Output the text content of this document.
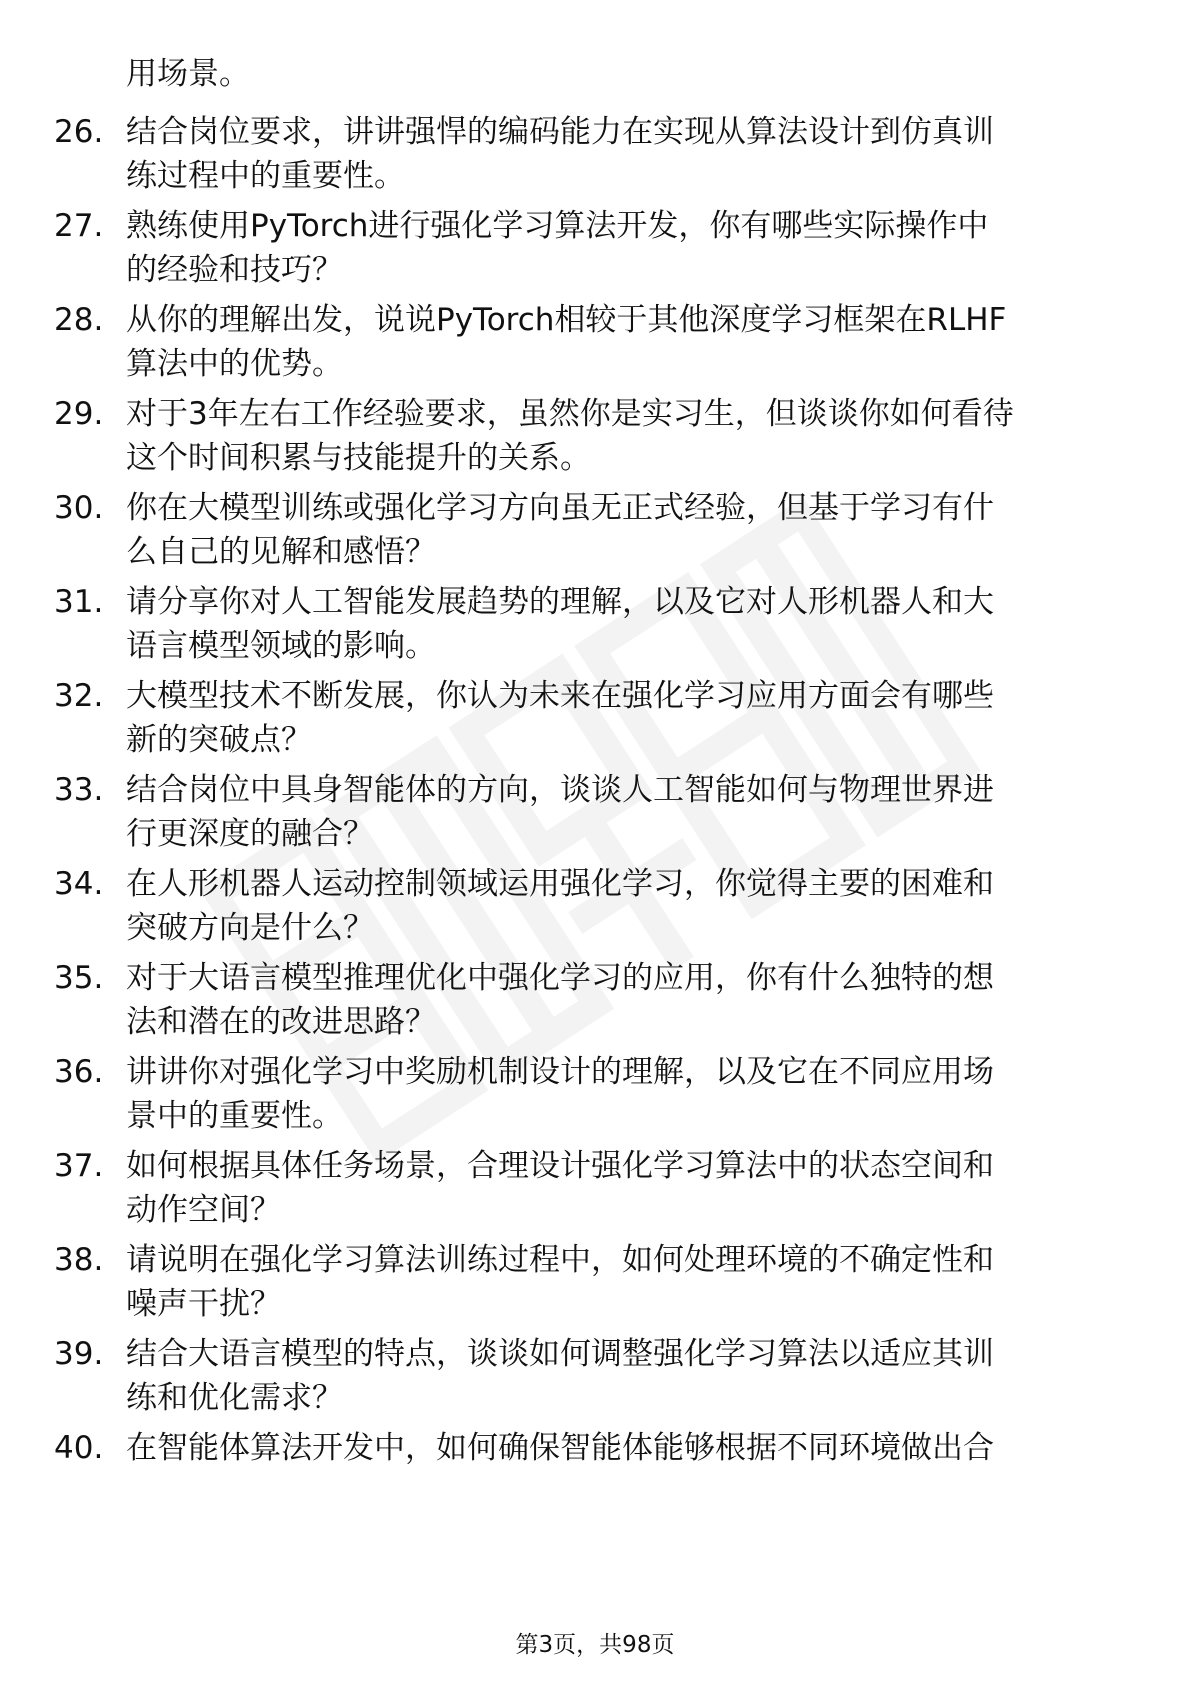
用场景。
26. 结合岗位要求，讲讲强悍的编码能力在实现从算法设计到仿真训
练过程中的重要性。
27. 熟练使用PyTorch进行强化学习算法开发，你有哪些实际操作中
的经验和技巧？
28. 从你的理解出发，说说PyTorch相较于其他深度学习框架在RLHF
算法中的优势。
29. 对于3年左右工作经验要求，虽然你是实习生，但谈谈你如何看待
这个时间积累与技能提升的关系。
30. 你在大模型训练或强化学习方向虽无正式经验，但基于学习有什
么自己的见解和感悟？
31. 请分享你对人工智能发展趋势的理解，以及它对人形机器人和大
语言模型领域的影响。
32. 大模型技术不断发展，你认为未来在强化学习应用方面会有哪些
新的突破点？
33. 结合岗位中具身智能体的方向，谈谈人工智能如何与物理世界进
行更深度的融合？
34. 在人形机器人运动控制领域运用强化学习，你觉得主要的困难和
突破方向是什么？
35. 对于大语言模型推理优化中强化学习的应用，你有什么独特的想
法和潜在的改进思路？
36. 讲讲你对强化学习中奖励机制设计的理解，以及它在不同应用场
景中的重要性。
37. 如何根据具体任务场景，合理设计强化学习算法中的状态空间和
动作空间？
38. 请说明在强化学习算法训练过程中，如何处理环境的不确定性和
噪声干扰？
39. 结合大语言模型的特点，谈谈如何调整强化学习算法以适应其训
练和优化需求？
40. 在智能体算法开发中，如何确保智能体能够根据不同环境做出合
第3页，共98页
